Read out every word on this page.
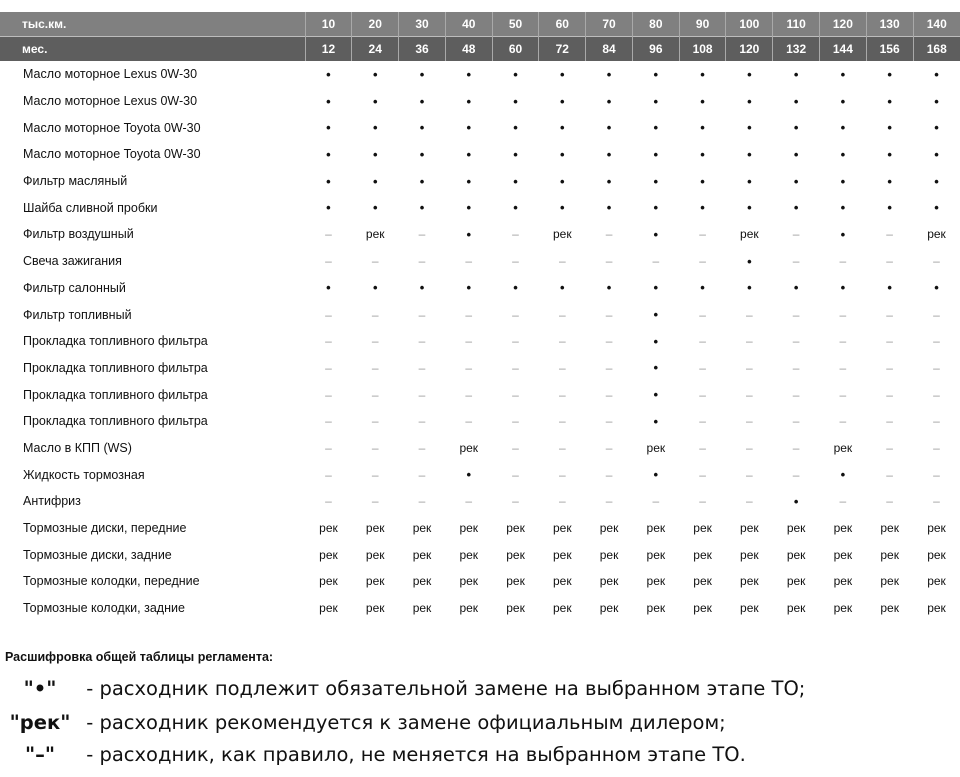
тыс.км.	10	20	30	40	50	60	70	80	90	100	110	120	130	140
мес.	12	24	36	48	60	72	84	96	108	120	132	144	156	168
Масло моторное Lexus 0W-30	•	•	•	•	•	•	•	•	•	•	•	•	•	•
Масло моторное Lexus 0W-30	•	•	•	•	•	•	•	•	•	•	•	•	•	•
Масло моторное Toyota 0W-30	•	•	•	•	•	•	•	•	•	•	•	•	•	•
Масло моторное Toyota 0W-30	•	•	•	•	•	•	•	•	•	•	•	•	•	•
Фильтр масляный	•	•	•	•	•	•	•	•	•	•	•	•	•	•
Шайба сливной пробки	•	•	•	•	•	•	•	•	•	•	•	•	•	•
Фильтр воздушный	–	рек	–	•	–	рек	–	•	–	рек	–	•	–	рек
Свеча зажигания	–	–	–	–	–	–	–	–	–	•	–	–	–	–
Фильтр салонный	•	•	•	•	•	•	•	•	•	•	•	•	•	•
Фильтр топливный	–	–	–	–	–	–	–	•	–	–	–	–	–	–
Прокладка топливного фильтра	–	–	–	–	–	–	–	•	–	–	–	–	–	–
Прокладка топливного фильтра	–	–	–	–	–	–	–	•	–	–	–	–	–	–
Прокладка топливного фильтра	–	–	–	–	–	–	–	•	–	–	–	–	–	–
Прокладка топливного фильтра	–	–	–	–	–	–	–	•	–	–	–	–	–	–
Масло в КПП (WS)	–	–	–	рек	–	–	–	рек	–	–	–	рек	–	–
Жидкость тормозная	–	–	–	•	–	–	–	•	–	–	–	•	–	–
Антифриз	–	–	–	–	–	–	–	–	–	–	•	–	–	–
Тормозные диски, передние	рек	рек	рек	рек	рек	рек	рек	рек	рек	рек	рек	рек	рек	рек
Тормозные диски, задние	рек	рек	рек	рек	рек	рек	рек	рек	рек	рек	рек	рек	рек	рек
Тормозные колодки, передние	рек	рек	рек	рек	рек	рек	рек	рек	рек	рек	рек	рек	рек	рек
Тормозные колодки, задние	рек	рек	рек	рек	рек	рек	рек	рек	рек	рек	рек	рек	рек	рек
Расшифровка общей таблицы регламента:
"•" - расходник подлежит обязательной замене на выбранном этапе ТО;
"рек" - расходник рекомендуется к замене официальным дилером;
"–" - расходник, как правило, не меняется на выбранном этапе ТО.
